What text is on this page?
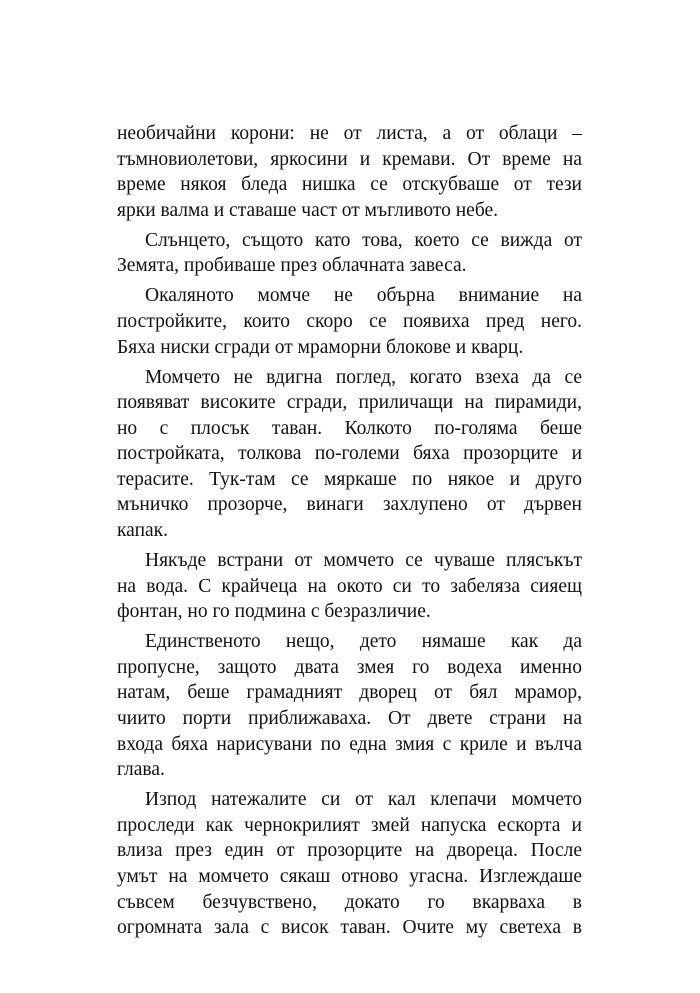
необичайни корони: не от листа, а от облаци –
тъмновиолетови, яркосини и кремави. От време на
време някоя бледа нишка се отскубваше от тези
ярки валма и ставаше част от мъгливото небе.
Слънцето, същото като това, което се вижда от
Земята, пробиваше през облачната завеса.
Окаляното момче не обърна внимание на
постройките, които скоро се появиха пред него.
Бяха ниски сгради от мраморни блокове и кварц.
Момчето не вдигна поглед, когато взеха да се
появяват високите сгради, приличащи на пирамиди,
но с плосък таван. Колкото по-голяма беше
постройката, толкова по-големи бяха прозорците и
терасите. Тук-там се мяркаше по някое и друго
мъничко прозорче, винаги захлупено от дървен
капак.
Някъде встрани от момчето се чуваше плясъкът
на вода. С крайчеца на окото си то забеляза сияещ
фонтан, но го подмина с безразличие.
Единственото нещо, дето нямаше как да
пропусне, защото двата змея го водеха именно
натам, беше грамадният дворец от бял мрамор,
чиито порти приближаваха. От двете страни на
входа бяха нарисувани по една змия с криле и вълча
глава.
Изпод натежалите си от кал клепачи момчето
проследи как чернокрилият змей напуска ескорта и
влиза през един от прозорците на двореца. После
умът на момчето сякаш отново угасна. Изглеждаше
съвсем безчувствено, докато го вкарваха в
огромната зала с висок таван. Очите му светеха в
